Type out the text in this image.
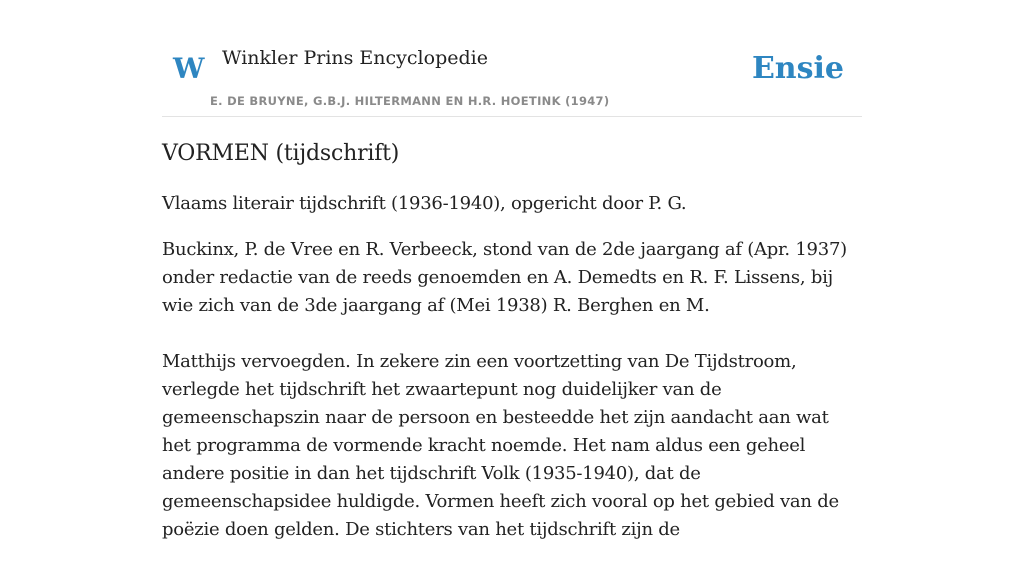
W Winkler Prins Encyclopedie
E. DE BRUYNE, G.B.J. HILTERMANN EN H.R. HOETINK (1947)
Ensie
VORMEN (tijdschrift)

Vlaams literair tijdschrift (1936-1940), opgericht door P. G.

Buckinx, P. de Vree en R. Verbeeck, stond van de 2de jaargang af (Apr. 1937) onder redactie van de reeds genoemden en A. Demedts en R. F. Lissens, bij wie zich van de 3de jaargang af (Mei 1938) R. Berghen en M.

Matthijs vervoegden. In zekere zin een voortzetting van De Tijdstroom, verlegde het tijdschrift het zwaartepunt nog duidelijker van de gemeenschapszin naar de persoon en besteedde het zijn aandacht aan wat het programma de vormende kracht noemde. Het nam aldus een geheel andere positie in dan het tijdschrift Volk (1935-1940), dat de gemeenschapsidee huldigde. Vormen heeft zich vooral op het gebied van de poëzie doen gelden. De stichters van het tijdschrift zijn de
